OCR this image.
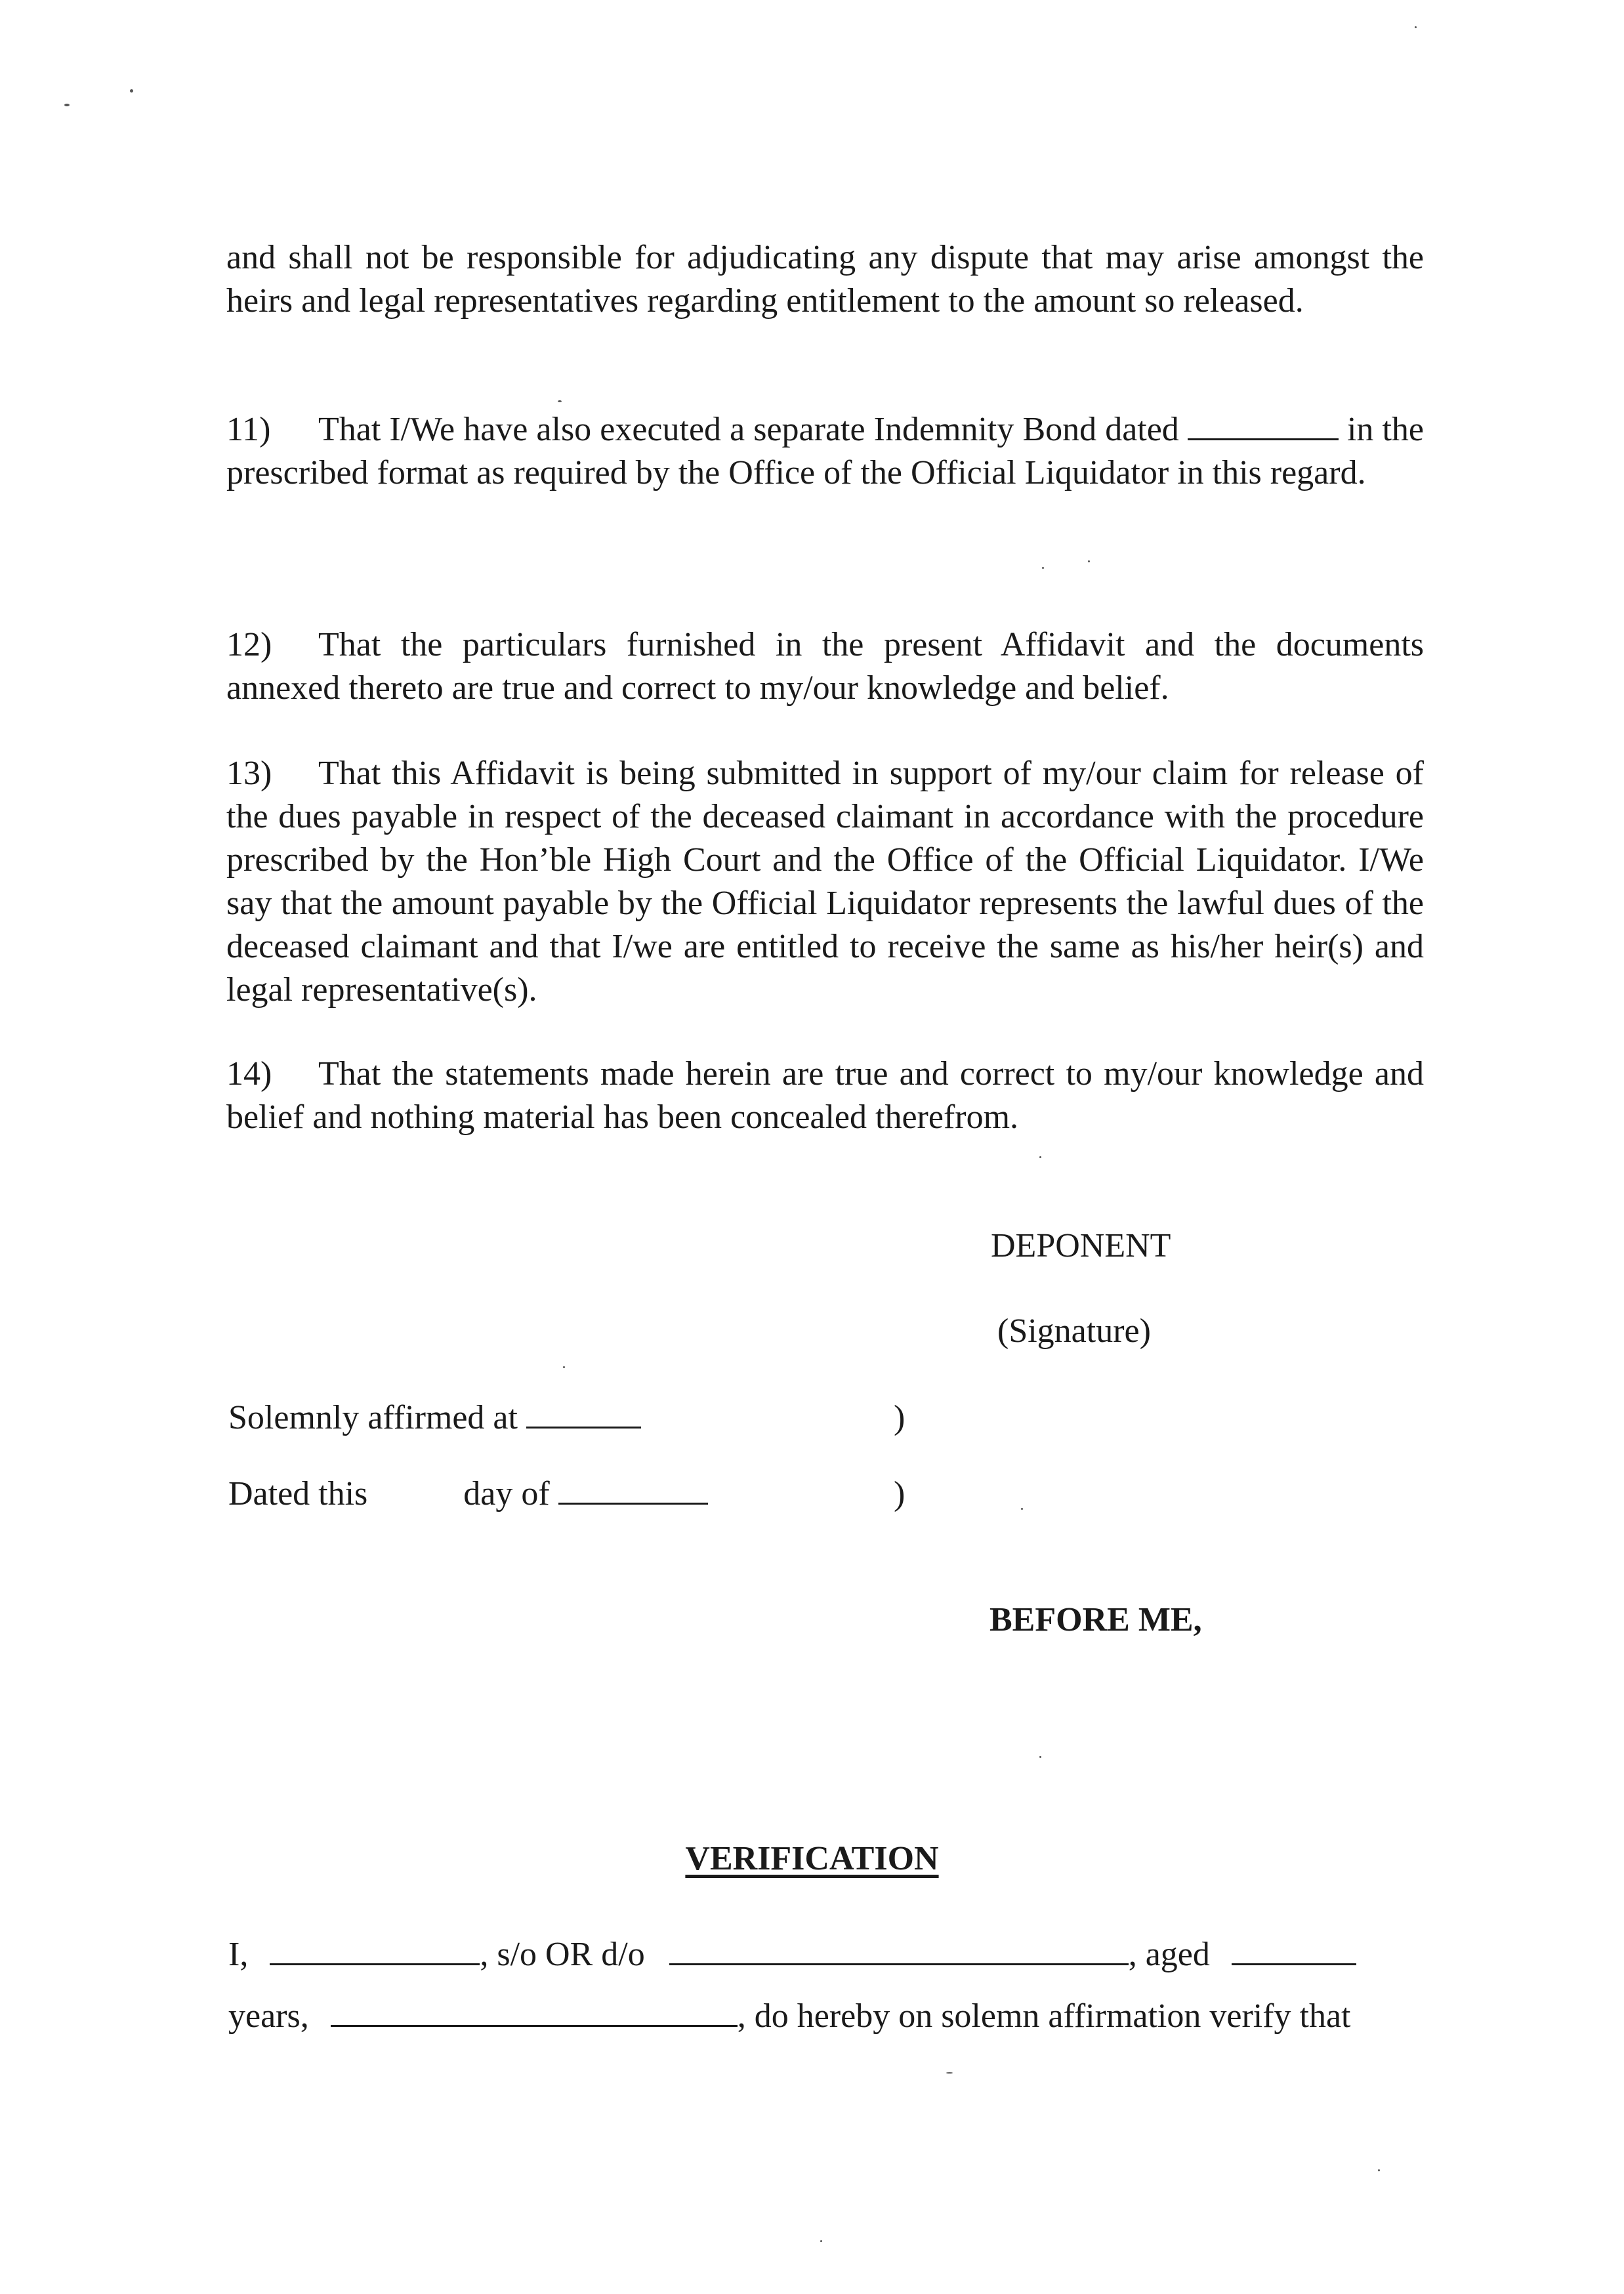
and shall not be responsible for adjudicating any dispute that may arise amongst the heirs and legal representatives regarding entitlement to the amount so released.

11) That I/We have also executed a separate Indemnity Bond dated	in the prescribed format as required by the Office of the Official Liquidator in this regard.

12) That the particulars furnished in the present Affidavit and the documents annexed thereto are true and correct to my/our knowledge and belief.

13) That this Affidavit is being submitted in support of my/our claim for release of the dues payable in respect of the deceased claimant in accordance with the procedure prescribed by the Hon’ble High Court and the Office of the Official Liquidator. I/We say that the amount payable by the Official Liquidator represents the lawful dues of the deceased claimant and that I/we are entitled to receive the same as his/her heir(s) and legal representative(s).

14) That the statements made herein are true and correct to my/our knowledge and belief and nothing material has been concealed therefrom.

DEPONENT
(Signature)
Solemnly affirmed at	)
Dated this	day of	)
BEFORE ME,
VERIFICATION
I,	, s/o OR d/o	, aged
years,	, do hereby on solemn affirmation verify that
